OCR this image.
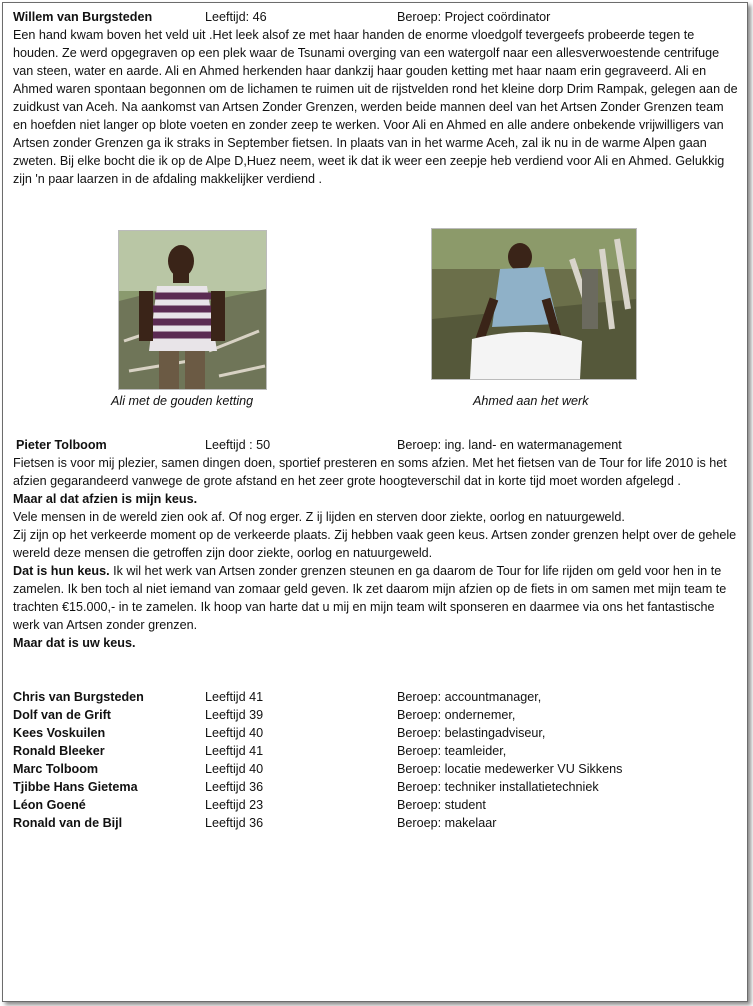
Willem van Burgsteden	Leeftijd: 46	Beroep: Project coördinator

Een hand kwam boven het veld uit .Het leek alsof ze met haar handen de enorme vloedgolf tevergeefs probeerde tegen te houden. Ze werd opgegraven op een plek waar de Tsunami overging van een watergolf naar een allesverwoestende centrifuge van steen, water en aarde. Ali en Ahmed herkenden haar dankzij haar gouden ketting met haar naam erin gegraveerd. Ali en Ahmed waren spontaan begonnen om de lichamen te ruimen uit de rijstvelden rond het kleine dorp Drim Rampak, gelegen aan de zuidkust van Aceh. Na aankomst van Artsen Zonder Grenzen, werden beide mannen deel van het Artsen Zonder Grenzen team en hoefden niet langer op blote voeten en zonder zeep te werken. Voor Ali en Ahmed en alle andere onbekende vrijwilligers van Artsen zonder Grenzen ga ik straks in September fietsen. In plaats van in het warme Aceh, zal ik nu in de warme Alpen gaan zweten. Bij elke bocht die ik op de Alpe D,Huez neem, weet ik dat ik weer een zeepje heb verdiend voor Ali en Ahmed. Gelukkig zijn 'n paar laarzen in de afdaling makkelijker verdiend .

Ali met de gouden ketting	Ahmed aan het werk
Pieter Tolboom	Leeftijd : 50	Beroep: ing. land- en watermanagement

Fietsen is voor mij plezier, samen dingen doen, sportief presteren en soms afzien. Met het fietsen van de Tour for life 2010 is het afzien gegarandeerd vanwege de grote afstand en het zeer grote hoogteverschil dat in korte tijd moet worden afgelegd .

Maar al dat afzien is mijn keus.

Vele mensen in de wereld zien ook af. Of nog erger. Z ij lijden en sterven door ziekte, oorlog en natuurgeweld.

Zij zijn op het verkeerde moment op de verkeerde plaats. Zij hebben vaak geen keus. Artsen zonder grenzen helpt over de gehele wereld deze mensen die getroffen zijn door ziekte, oorlog en natuurgeweld.

Dat is hun keus. Ik wil het werk van Artsen zonder grenzen steunen en ga daarom de Tour for life rijden om geld voor hen in te zamelen. Ik ben toch al niet iemand van zomaar geld geven. Ik zet daarom mijn afzien op de fiets in om samen met mijn team te trachten €15.000,- in te zamelen. Ik hoop van harte dat u mij en mijn team wilt sponseren en daarmee via ons het fantastische werk van Artsen zonder grenzen.

Maar dat is uw keus.

Chris van Burgsteden	Leeftijd 41	Beroep: accountmanager,
Dolf van de Grift	Leeftijd 39	Beroep: ondernemer,
Kees Voskuilen	Leeftijd 40	Beroep: belastingadviseur,
Ronald Bleeker	Leeftijd 41	Beroep: teamleider,
Marc Tolboom	Leeftijd 40	Beroep: locatie medewerker VU Sikkens
Tjibbe Hans Gietema	Leeftijd 36	Beroep: techniker installatietechniek
Léon Goené	Leeftijd 23	Beroep: student
Ronald van de Bijl	Leeftijd 36	Beroep: makelaar
